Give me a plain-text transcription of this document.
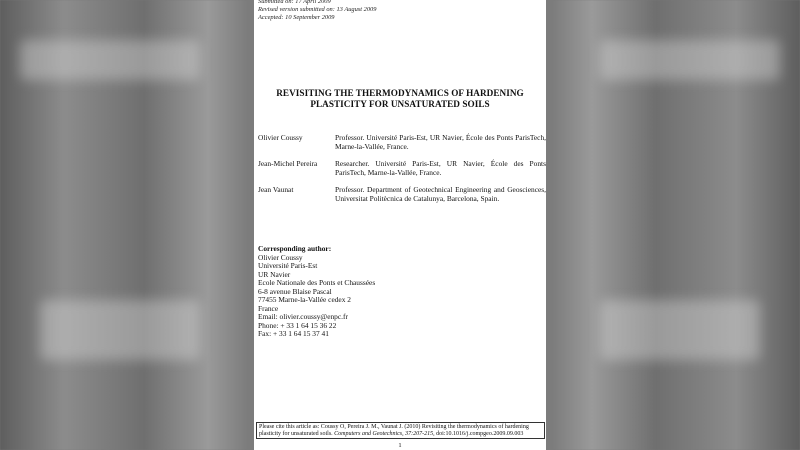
Submitted on: 17 April 2009
Revised version submitted on: 13 August 2009
Accepted: 10 September 2009
REVISITING THE THERMODYNAMICS OF HARDENING
PLASTICITY FOR UNSATURATED SOILS
Olivier Coussy	Professor. Université Paris-Est, UR Navier, École des Ponts ParisTech, Marne-la-Vallée, France.
Jean-Michel Pereira	Researcher. Université Paris-Est, UR Navier, École des Ponts ParisTech, Marne-la-Vallée, France.
Jean Vaunat	Professor. Department of Geotechnical Engineering and Geosciences, Universitat Politècnica de Catalunya, Barcelona, Spain.
Corresponding author:
Olivier Coussy
Université Paris-Est
UR Navier
Ecole Nationale des Ponts et Chaussées
6-8 avenue Blaise Pascal
77455 Marne-la-Vallée cedex 2
France
Email: olivier.coussy@enpc.fr
Phone: + 33 1 64 15 36 22
Fax: + 33 1 64 15 37 41
Please cite this article as: Coussy O, Pereira J. M., Vaunat J. (2010) Revisiting the thermodynamics of hardening plasticity for unsaturated soils. Computers and Geotechnics, 37:207-215, doi:10.1016/j.compgeo.2009.09.003
1
